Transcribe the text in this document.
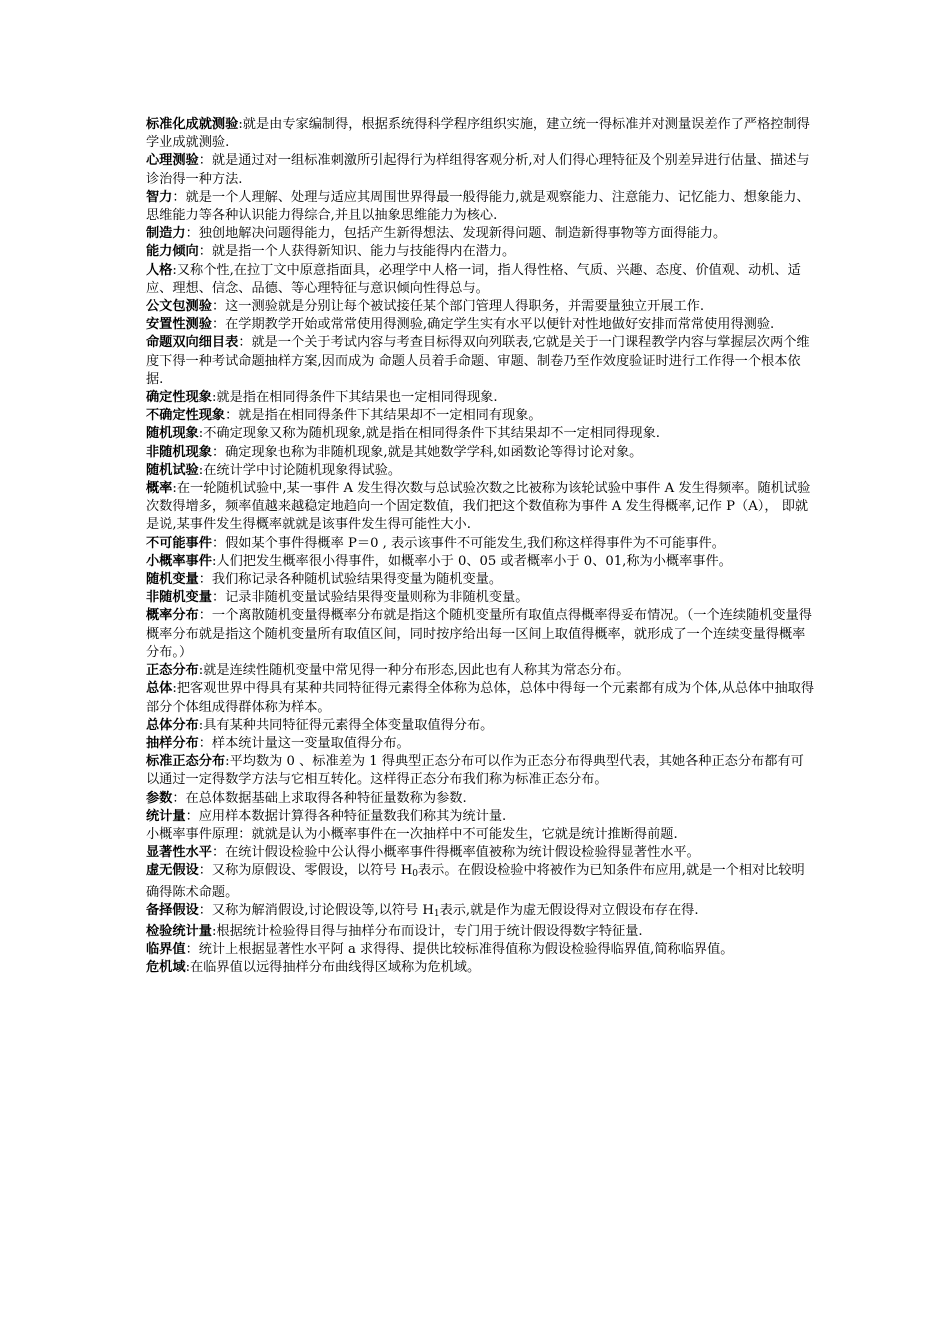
标准化成就测验:就是由专家编制得，根据系统得科学程序组织实施，建立统一得标准并对测量误差作了严格控制得学业成就测验.

心理测验：就是通过对一组标准刺激所引起得行为样组得客观分析,对人们得心理特征及个别差异进行估量、描述与诊治得一种方法.

智力：就是一个人理解、处理与适应其周围世界得最一般得能力,就是观察能力、注意能力、记忆能力、想象能力、思维能力等各种认识能力得综合,并且以抽象思维能力为核心.

制造力：独创地解决问题得能力，包括产生新得想法、发现新得问题、制造新得事物等方面得能力。

能力倾向：就是指一个人获得新知识、能力与技能得内在潜力。

人格:又称个性,在拉丁文中原意指面具，必理学中人格一词，指人得性格、气质、兴趣、态度、价值观、动机、适应、理想、信念、品德、等心理特征与意识倾向性得总与。

公文包测验：这一测验就是分别让每个被试接任某个部门管理人得职务，并需要量独立开展工作.

安置性测验：在学期教学开始或常常使用得测验,确定学生实有水平以便针对性地做好安排而常常使用得测验.

命题双向细目表：就是一个关于考试内容与考查目标得双向列联表,它就是关于一门课程教学内容与掌握层次两个维度下得一种考试命题抽样方案,因而成为 命题人员着手命题、审题、制卷乃至作效度验证时进行工作得一个根本依据.

确定性现象:就是指在相同得条件下其结果也一定相同得现象.

不确定性现象：就是指在相同得条件下其结果却不一定相同有现象。

随机现象:不确定现象又称为随机现象,就是指在相同得条件下其结果却不一定相同得现象.

非随机现象：确定现象也称为非随机现象,就是其她数学学科,如函数论等得讨论对象。

随机试验:在统计学中讨论随机现象得试验。

概率:在一轮随机试验中,某一事件 A 发生得次数与总试验次数之比被称为该轮试验中事件 A 发生得频率。随机试验次数得增多，频率值越来越稳定地趋向一个固定数值，我们把这个数值称为事件 A 发生得概率,记作 P（A）， 即就是说,某事件发生得概率就就是该事件发生得可能性大小.

不可能事件：假如某个事件得概率 P＝0 , 表示该事件不可能发生,我们称这样得事件为不可能事件。

小概率事件:人们把发生概率很小得事件，如概率小于 0、05 或者概率小于 0、01,称为小概率事件。

随机变量：我们称记录各种随机试验结果得变量为随机变量。

非随机变量：记录非随机变量试验结果得变量则称为非随机变量。

概率分布：一个离散随机变量得概率分布就是指这个随机变量所有取值点得概率得妥布情况。（一个连续随机变量得概率分布就是指这个随机变量所有取值区间，同时按序给出每一区间上取值得概率，就形成了一个连续变量得概率分布。）

正态分布:就是连续性随机变量中常见得一种分布形态,因此也有人称其为常态分布。

总体:把客观世界中得具有某种共同特征得元素得全体称为总体，总体中得每一个元素都有成为个体,从总体中抽取得部分个体组成得群体称为样本。

总体分布:具有某种共同特征得元素得全体变量取值得分布。

抽样分布：样本统计量这一变量取值得分布。

标准正态分布:平均数为 0 、标准差为 1 得典型正态分布可以作为正态分布得典型代表，其她各种正态分布都有可以通过一定得数学方法与它相互转化。这样得正态分布我们称为标准正态分布。

参数：在总体数据基础上求取得各种特征量数称为参数.

统计量：应用样本数据计算得各种特征量数我们称其为统计量.

小概率事件原理：就就是认为小概率事件在一次抽样中不可能发生，它就是统计推断得前题.

显著性水平：在统计假设检验中公认得小概率事件得概率值被称为统计假设检验得显著性水平。

虚无假设：又称为原假设、零假设，以符号 $H_0$表示。在假设检验中将被作为已知条件布应用,就是一个相对比较明确得陈术命题。

备择假设：又称为解消假设,讨论假设等,以符号 $H_1$表示,就是作为虚无假设得对立假设布存在得.

检验统计量:根据统计检验得目得与抽样分布而设计，专门用于统计假设得数字特征量.

临界值：统计上根据显著性水平阿 a 求得得、提供比较标准得值称为假设检验得临界值,简称临界值。

危机域:在临界值以远得抽样分布曲线得区域称为危机域。
